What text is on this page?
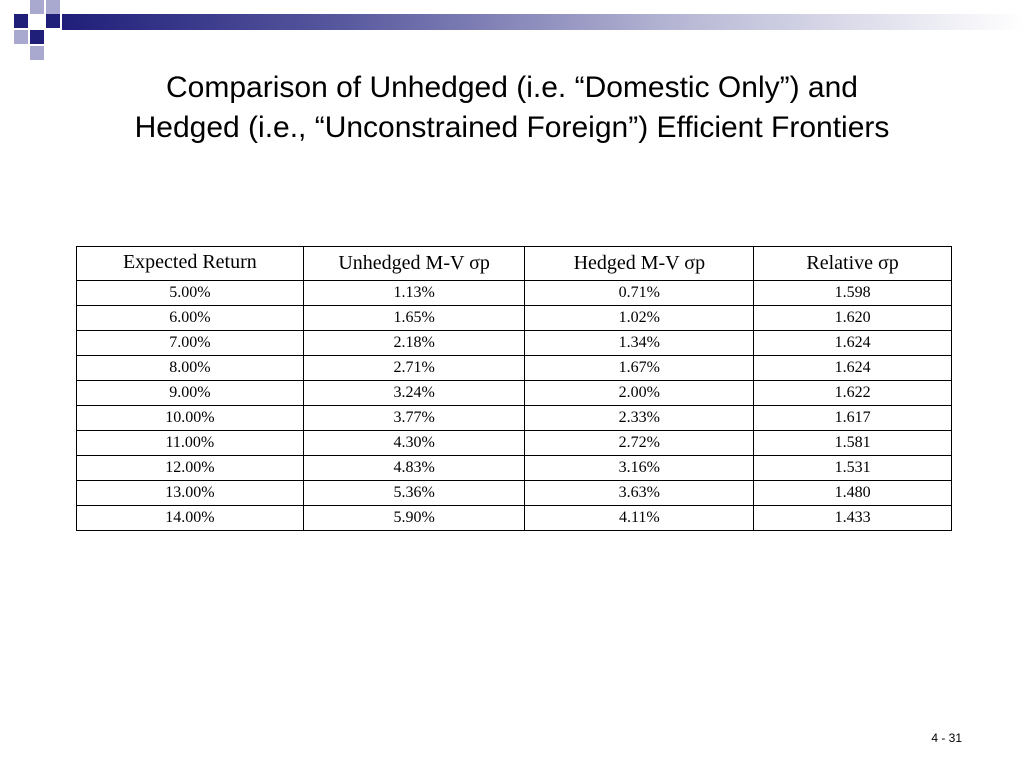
Comparison of Unhedged (i.e. “Domestic Only”) and
Hedged (i.e., “Unconstrained Foreign”) Efficient Frontiers
Expected Return	Unhedged M-V σp	Hedged M-V σp	Relative σp
5.00%	1.13%	0.71%	1.598
6.00%	1.65%	1.02%	1.620
7.00%	2.18%	1.34%	1.624
8.00%	2.71%	1.67%	1.624
9.00%	3.24%	2.00%	1.622
10.00%	3.77%	2.33%	1.617
11.00%	4.30%	2.72%	1.581
12.00%	4.83%	3.16%	1.531
13.00%	5.36%	3.63%	1.480
14.00%	5.90%	4.11%	1.433
4 - 31
